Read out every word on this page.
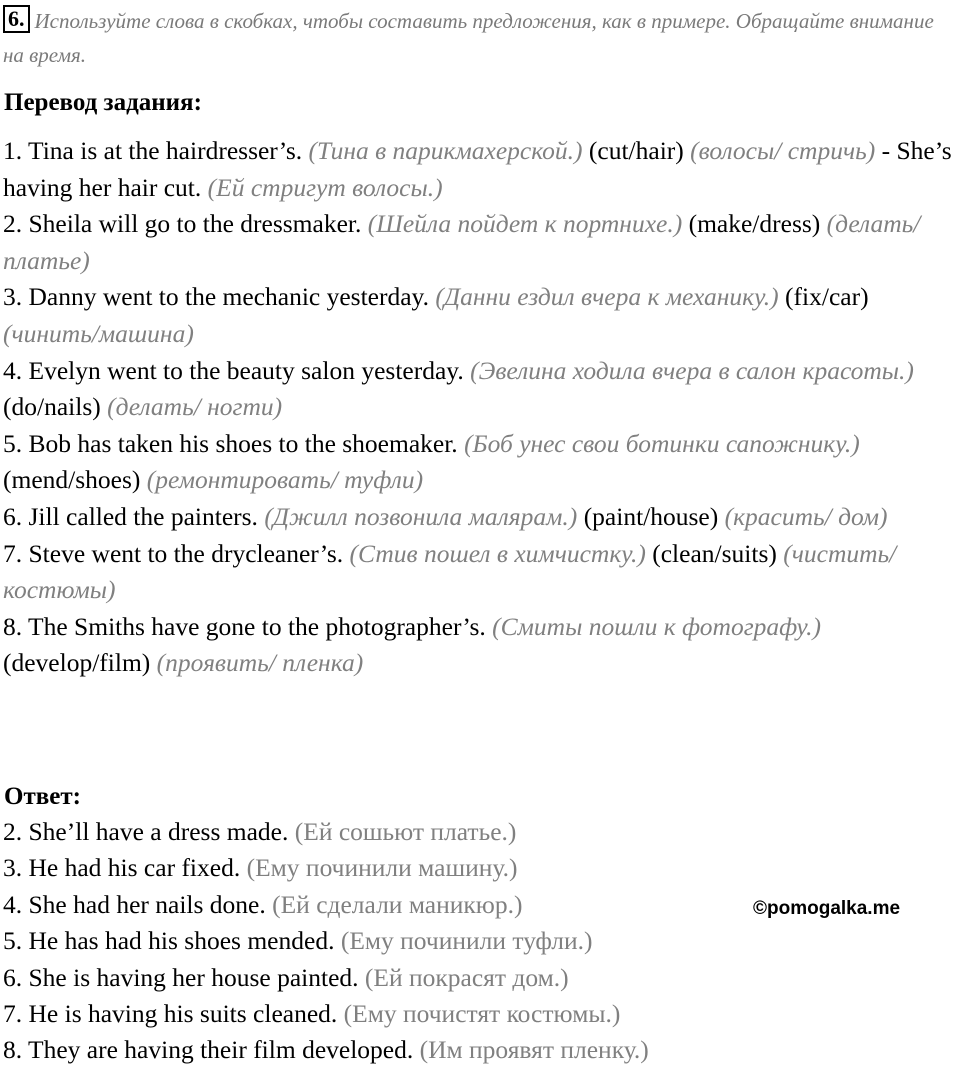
6. Используйте слова в скобках, чтобы составить предложения, как в примере. Обращайте внимание на время.
Перевод задания:
1. Tina is at the hairdresser’s. (Тина в парикмахерской.) (cut/hair) (волосы/ стричь) - She’s having her hair cut. (Ей стригут волосы.)
2. Sheila will go to the dressmaker. (Шейла пойдет к портнихе.) (make/dress) (делать/ платье)
3. Danny went to the mechanic yesterday. (Данни ездил вчера к механику.) (fix/car) (чинить/машина)
4. Evelyn went to the beauty salon yesterday. (Эвелина ходила вчера в салон красоты.) (do/nails) (делать/ ногти)
5. Bob has taken his shoes to the shoemaker. (Боб унес свои ботинки сапожнику.) (mend/shoes) (ремонтировать/ туфли)
6. Jill called the painters. (Джилл позвонила малярам.) (paint/house) (красить/ дом)
7. Steve went to the drycleaner’s. (Стив пошел в химчистку.) (clean/suits) (чистить/ костюмы)
8. The Smiths have gone to the photographer’s. (Смиты пошли к фотографу.) (develop/film) (проявить/ пленка)
Ответ:
2. She’ll have a dress made. (Ей сошьют платье.)
3. He had his car fixed. (Ему починили машину.)
4. She had her nails done. (Ей сделали маникюр.)
5. He has had his shoes mended. (Ему починили туфли.)
6. She is having her house painted. (Ей покрасят дом.)
7. He is having his suits cleaned. (Ему почистят костюмы.)
8. They are having their film developed. (Им проявят пленку.)
©pomogalka.me
